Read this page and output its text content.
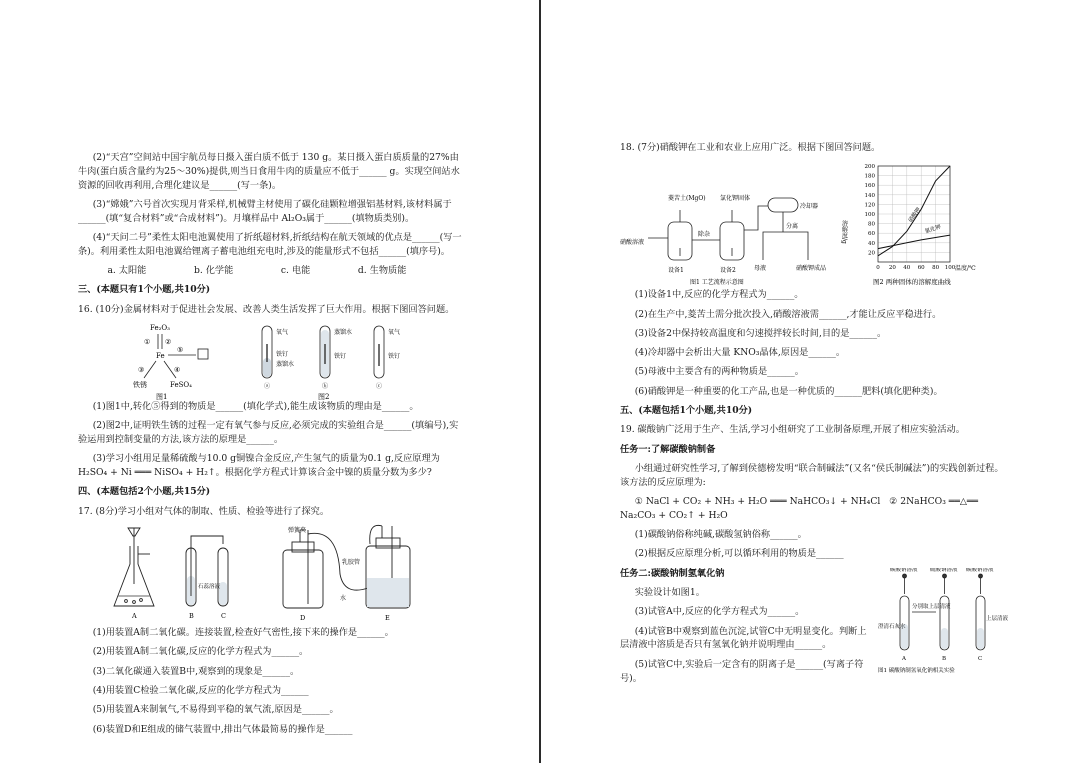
(2)“天宫”空间站中国宇航员每日摄入蛋白质不低于 130 g。某日摄入蛋白质质量的27%由牛肉(蛋白质含量约为25～30%)提供,则当日食用牛肉的质量应不低于______ g。实现空间站水资源的回收再利用,合理化建议是______(写一条)。

(3)“嫦娥”六号首次实现月背采样,机械臂主材使用了碳化硅颗粒增强铝基材料,该材料属于______(填“复合材料”或“合成材料”)。月壤样品中 Al₂O₃属于______(填物质类别)。

(4)“天问二号”柔性太阳电池翼使用了折纸超材料,折纸结构在航天领域的优点是______(写一条)。利用柔性太阳电池翼给锂离子蓄电池组充电时,涉及的能量形式不包括______(填序号)。

a. 太阳能	b. 化学能	c. 电能	d. 生物质能

三、(本题只有1个小题,共10分)

16. (10分)金属材料对于促进社会发展、改善人类生活发挥了巨大作用。根据下图回答问题。

Fe₂O₃
① ②
Fe
⑤
③	④
铁锈	FeSO₄
图1
氧气
铁钉
蒸馏水
ⓐ
蒸馏水
铁钉
ⓑ
氧气
铁钉
ⓒ
图2

(1)图1中,转化⑤得到的物质是______(填化学式),能生成该物质的理由是______。

(2)图2中,证明铁生锈的过程一定有氧气参与反应,必须完成的实验组合是______(填编号),实验运用到控制变量的方法,该方法的原理是______。

(3)学习小组用足量稀硫酸与10.0 g铜镍合金反应,产生氢气的质量为0.1 g,反应原理为 H₂SO₄ + Ni ═══ NiSO₄ + H₂↑。根据化学方程式计算该合金中镍的质量分数为多少?

四、(本题包括2个小题,共15分)

17. (8分)学习小组对气体的制取、性质、检验等进行了探究。

A
石蕊溶液
B	C
弹簧夹
乳胶管
水
D	E

(1)用装置A制二氧化碳。连接装置,检查好气密性,接下来的操作是______。

(2)用装置A制二氧化碳,反应的化学方程式为______。

(3)二氧化碳通入装置B中,观察到的现象是______。

(4)用装置C检验二氧化碳,反应的化学方程式为______

(5)用装置A来制氧气,不易得到平稳的氧气流,原因是______。

(6)装置D和E组成的储气装置中,排出气体最简易的操作是______

18. (7分)硝酸钾在工业和农业上应用广泛。根据下图回答问题。

菱苦土(MgO) 氯化钾固体
冷却器
硝酸溶液
除杂
分离
母液	硝酸钾成品
设备1	设备2
图1 工艺流程示意图
200
180
160
140
120
100
80
60
40
20
0 20 40 60 80 100
硝酸钾
氯化钾
溶解度/g
温度/℃
图2 两种固体的溶解度曲线

(1)设备1中,反应的化学方程式为______。

(2)在生产中,菱苦土需分批次投入,硝酸溶液需______,才能让反应平稳进行。

(3)设备2中保持较高温度和匀速搅拌较长时间,目的是______。

(4)冷却器中会析出大量 KNO₃晶体,原因是______。

(5)母液中主要含有的两种物质是______。

(6)硝酸钾是一种重要的化工产品,也是一种优质的______肥料(填化肥种类)。

五、(本题包括1个小题,共10分)

19. 碳酸钠广泛用于生产、生活,学习小组研究了工业制备原理,开展了相应实验活动。

任务一:了解碳酸钠制备

小组通过研究性学习,了解到侯德榜发明“联合制碱法”(又名“侯氏制碱法”)的实践创新过程。该方法的反应原理为:

① NaCl + CO₂ + NH₃ + H₂O ═══ NaHCO₃↓ + NH₄Cl ② 2NaHCO₃ ══△══ Na₂CO₃ + CO₂↑ + H₂O

(1)碳酸钠俗称纯碱,碳酸氢钠俗称______。

(2)根据反应原理分析,可以循环利用的物质是______

任务二:碳酸钠制氢氧化钠

实验设计如图1。

(3)试管A中,反应的化学方程式为______。

(4)试管B中观察到蓝色沉淀,试管C中无明显变化。判断上层清液中溶质是否只有氢氧化钠并说明理由______。

(5)试管C中,实验后一定含有的阴离子是______(写离子符号)。

碳酸钠溶液 硫酸铜溶液 碳酸钠溶液
澄清石灰水
分别取上层清液
上层清液
A	B	C
图1 碳酸钠制氢氧化钠相关实验
